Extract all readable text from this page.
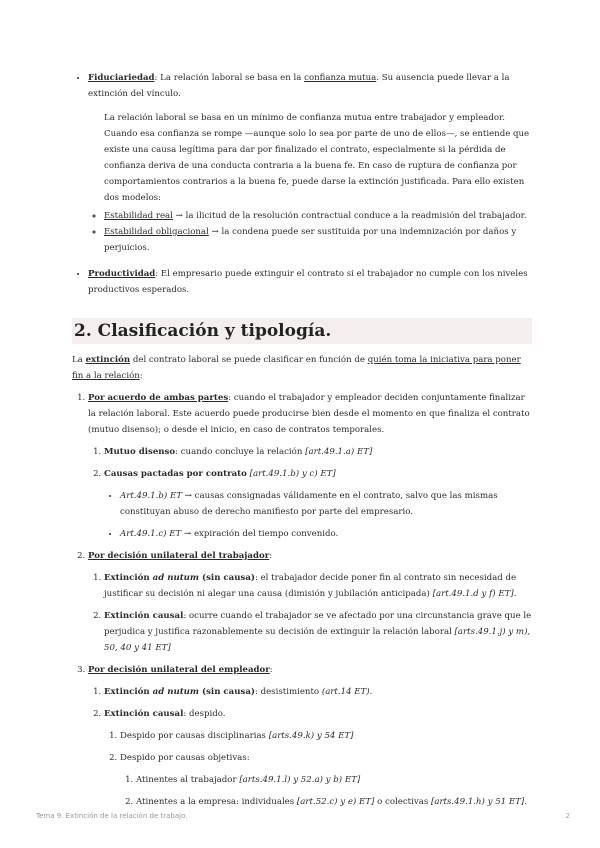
• Fiduciariedad: La relación laboral se basa en la confianza mutua. Su ausencia puede llevar a la extinción del vínculo.

La relación laboral se basa en un mínimo de confianza mutua entre trabajador y empleador. Cuando esa confianza se rompe —aunque solo lo sea por parte de uno de ellos—, se entiende que existe una causa legítima para dar por finalizado el contrato, especialmente si la pérdida de confianza deriva de una conducta contraria a la buena fe. En caso de ruptura de confianza por comportamientos contrarios a la buena fe, puede darse la extinción justificada. Para ello existen dos modelos:

◦ Estabilidad real → la ilicitud de la resolución contractual conduce a la readmisión del trabajador.
◦ Estabilidad obligacional → la condena puede ser sustituida por una indemnización por daños y perjuicios.
• Productividad: El empresario puede extinguir el contrato si el trabajador no cumple con los niveles productivos esperados.
2. Clasificación y tipología.

La extinción del contrato laboral se puede clasificar en función de quién toma la iniciativa para poner fin a la relación:

1. Por acuerdo de ambas partes: cuando el trabajador y empleador deciden conjuntamente finalizar la relación laboral. Este acuerdo puede producirse bien desde el momento en que finaliza el contrato (mutuo disenso); o desde el inicio, en caso de contratos temporales.
1. Mutuo disenso: cuando concluye la relación [art.49.1.a) ET]
2. Causas pactadas por contrato [art.49.1.b) y c) ET]
• Art.49.1.b) ET → causas consignadas válidamente en el contrato, salvo que las mismas constituyan abuso de derecho manifiesto por parte del empresario.
• Art.49.1.c) ET → expiración del tiempo convenido.
2. Por decisión unilateral del trabajador:
1. Extinción ad nutum (sin causa): el trabajador decide poner fin al contrato sin necesidad de justificar su decisión ni alegar una causa (dimisión y jubilación anticipada) [art.49.1.d y f) ET].
2. Extinción causal: ocurre cuando el trabajador se ve afectado por una circunstancia grave que le perjudica y justifica razonablemente su decisión de extinguir la relación laboral [arts.49.1.j) y m), 50, 40 y 41 ET]
3. Por decisión unilateral del empleador:
1. Extinción ad nutum (sin causa): desistimiento (art.14 ET).
2. Extinción causal: despido.
1. Despido por causas disciplinarias [arts.49.k) y 54 ET]
2. Despido por causas objetivas:
1. Atinentes al trabajador [arts.49.1.l) y 52.a) y b) ET]
2. Atinentes a la empresa: individuales [art.52.c) y e) ET] o colectivas [arts.49.1.h) y 51 ET].
Tema 9. Extinción de la relación de trabajo.	2
